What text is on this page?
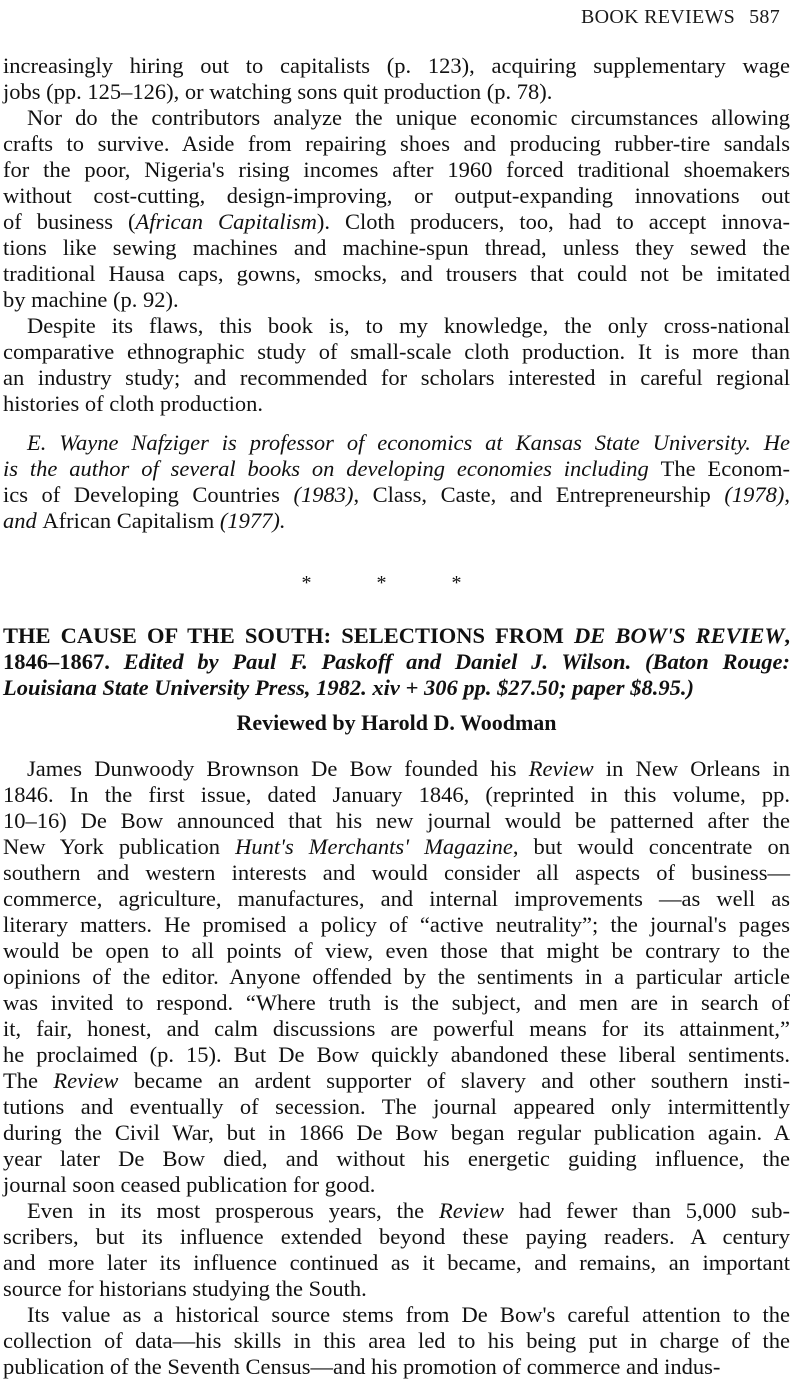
BOOK REVIEWS 587
increasingly hiring out to capitalists (p. 123), acquiring supplementary wage
jobs (pp. 125–126), or watching sons quit production (p. 78).
Nor do the contributors analyze the unique economic circumstances allowing
crafts to survive. Aside from repairing shoes and producing rubber-tire sandals
for the poor, Nigeria's rising incomes after 1960 forced traditional shoemakers
without cost-cutting, design-improving, or output-expanding innovations out
of business (African Capitalism). Cloth producers, too, had to accept innova-
tions like sewing machines and machine-spun thread, unless they sewed the
traditional Hausa caps, gowns, smocks, and trousers that could not be imitated
by machine (p. 92).
Despite its flaws, this book is, to my knowledge, the only cross-national
comparative ethnographic study of small-scale cloth production. It is more than
an industry study; and recommended for scholars interested in careful regional
histories of cloth production.
E. Wayne Nafziger is professor of economics at Kansas State University. He
is the author of several books on developing economies including The Econom-
ics of Developing Countries (1983), Class, Caste, and Entrepreneurship (1978),
and African Capitalism (1977).
* * *
THE CAUSE OF THE SOUTH: SELECTIONS FROM DE BOW'S REVIEW,
1846–1867. Edited by Paul F. Paskoff and Daniel J. Wilson. (Baton Rouge:
Louisiana State University Press, 1982. xiv + 306 pp. $27.50; paper $8.95.)
Reviewed by Harold D. Woodman
James Dunwoody Brownson De Bow founded his Review in New Orleans in
1846. In the first issue, dated January 1846, (reprinted in this volume, pp.
10–16) De Bow announced that his new journal would be patterned after the
New York publication Hunt's Merchants' Magazine, but would concentrate on
southern and western interests and would consider all aspects of business—
commerce, agriculture, manufactures, and internal improvements —as well as
literary matters. He promised a policy of “active neutrality”; the journal's pages
would be open to all points of view, even those that might be contrary to the
opinions of the editor. Anyone offended by the sentiments in a particular article
was invited to respond. “Where truth is the subject, and men are in search of
it, fair, honest, and calm discussions are powerful means for its attainment,”
he proclaimed (p. 15). But De Bow quickly abandoned these liberal sentiments.
The Review became an ardent supporter of slavery and other southern insti-
tutions and eventually of secession. The journal appeared only intermittently
during the Civil War, but in 1866 De Bow began regular publication again. A
year later De Bow died, and without his energetic guiding influence, the
journal soon ceased publication for good.
Even in its most prosperous years, the Review had fewer than 5,000 sub-
scribers, but its influence extended beyond these paying readers. A century
and more later its influence continued as it became, and remains, an important
source for historians studying the South.
Its value as a historical source stems from De Bow's careful attention to the
collection of data—his skills in this area led to his being put in charge of the
publication of the Seventh Census—and his promotion of commerce and indus-
